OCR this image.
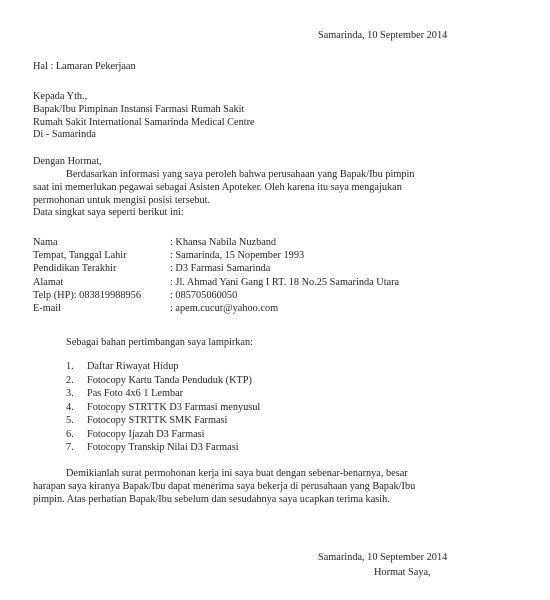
Samarinda, 10 September 2014
Hal : Lamaran Pekerjaan
Kepada Yth.,
Bapak/Ibu Pimpinan Instansi Farmasi Rumah Sakit
Rumah Sakit International Samarinda Medical Centre
Di - Samarinda
Dengan Hormat,
Berdasarkan informasi yang saya peroleh bahwa perusahaan yang Bapak/Ibu pimpin
saat ini memerlukan pegawai sebagai Asisten Apoteker. Oleh karena itu saya mengajukan
permohonan untuk mengisi posisi tersebut.
Data singkat saya seperti berikut ini:
Nama	: Khansa Nabila Nuzband
Tempat, Tanggal Lahir	: Samarinda, 15 Nopember 1993
Pendidikan Terakhir	: D3 Farmasi Samarinda
Alamat	: Jl. Ahmad Yani Gang I RT. 18 No.25 Samarinda Utara
Telp (HP): 083819988956	: 085705060050
E-mail	: apem.cucur@yahoo.com
Sebagai bahan pertimbangan saya lampirkan:
1. Daftar Riwayat Hidup
2. Fotocopy Kartu Tanda Penduduk (KTP)
3. Pas Foto 4x6 1 Lembar
4. Fotocopy STRTTK D3 Farmasi menyusul
5. Fotocopy STRTTK SMK Farmasi
6. Fotocopy Ijazah D3 Farmasi
7. Fotocopy Transkip Nilai D3 Farmasi
Demikianlah surat permohonan kerja ini saya buat dengan sebenar-benarnya, besar
harapan saya kiranya Bapak/Ibu dapat menerima saya bekerja di perusahaan yang Bapak/Ibu
pimpin. Atas perhatian Bapak/Ibu sebelum dan sesudahnya saya ucapkan terima kasih.
Samarinda, 10 September 2014
Hormat Saya,
